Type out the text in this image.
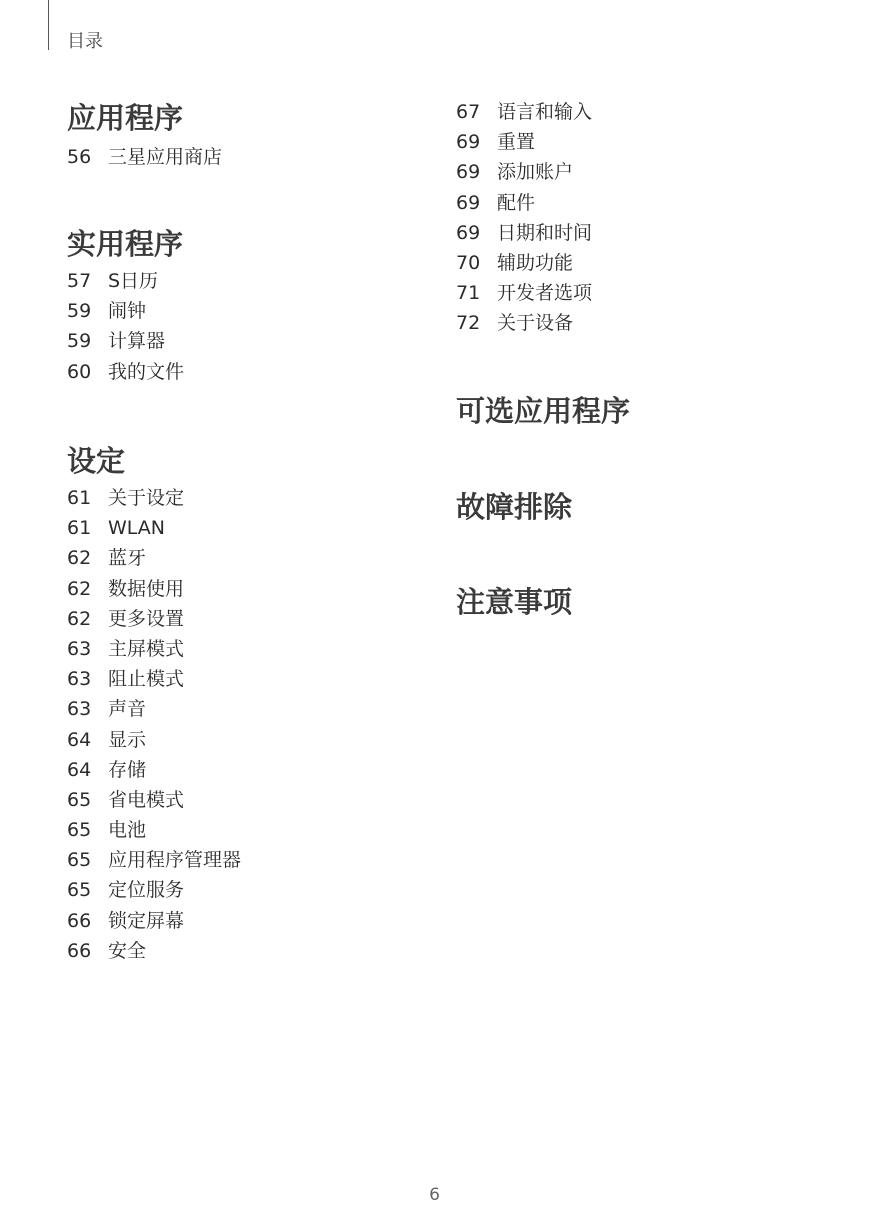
目录
应用程序
56 三星应用商店
实用程序
57 S日历
59 闹钟
59 计算器
60 我的文件
设定
61 关于设定
61 WLAN
62 蓝牙
62 数据使用
62 更多设置
63 主屏模式
63 阻止模式
63 声音
64 显示
64 存储
65 省电模式
65 电池
65 应用程序管理器
65 定位服务
66 锁定屏幕
66 安全
67 语言和输入
69 重置
69 添加账户
69 配件
69 日期和时间
70 辅助功能
71 开发者选项
72 关于设备
可选应用程序
故障排除
注意事项
6
